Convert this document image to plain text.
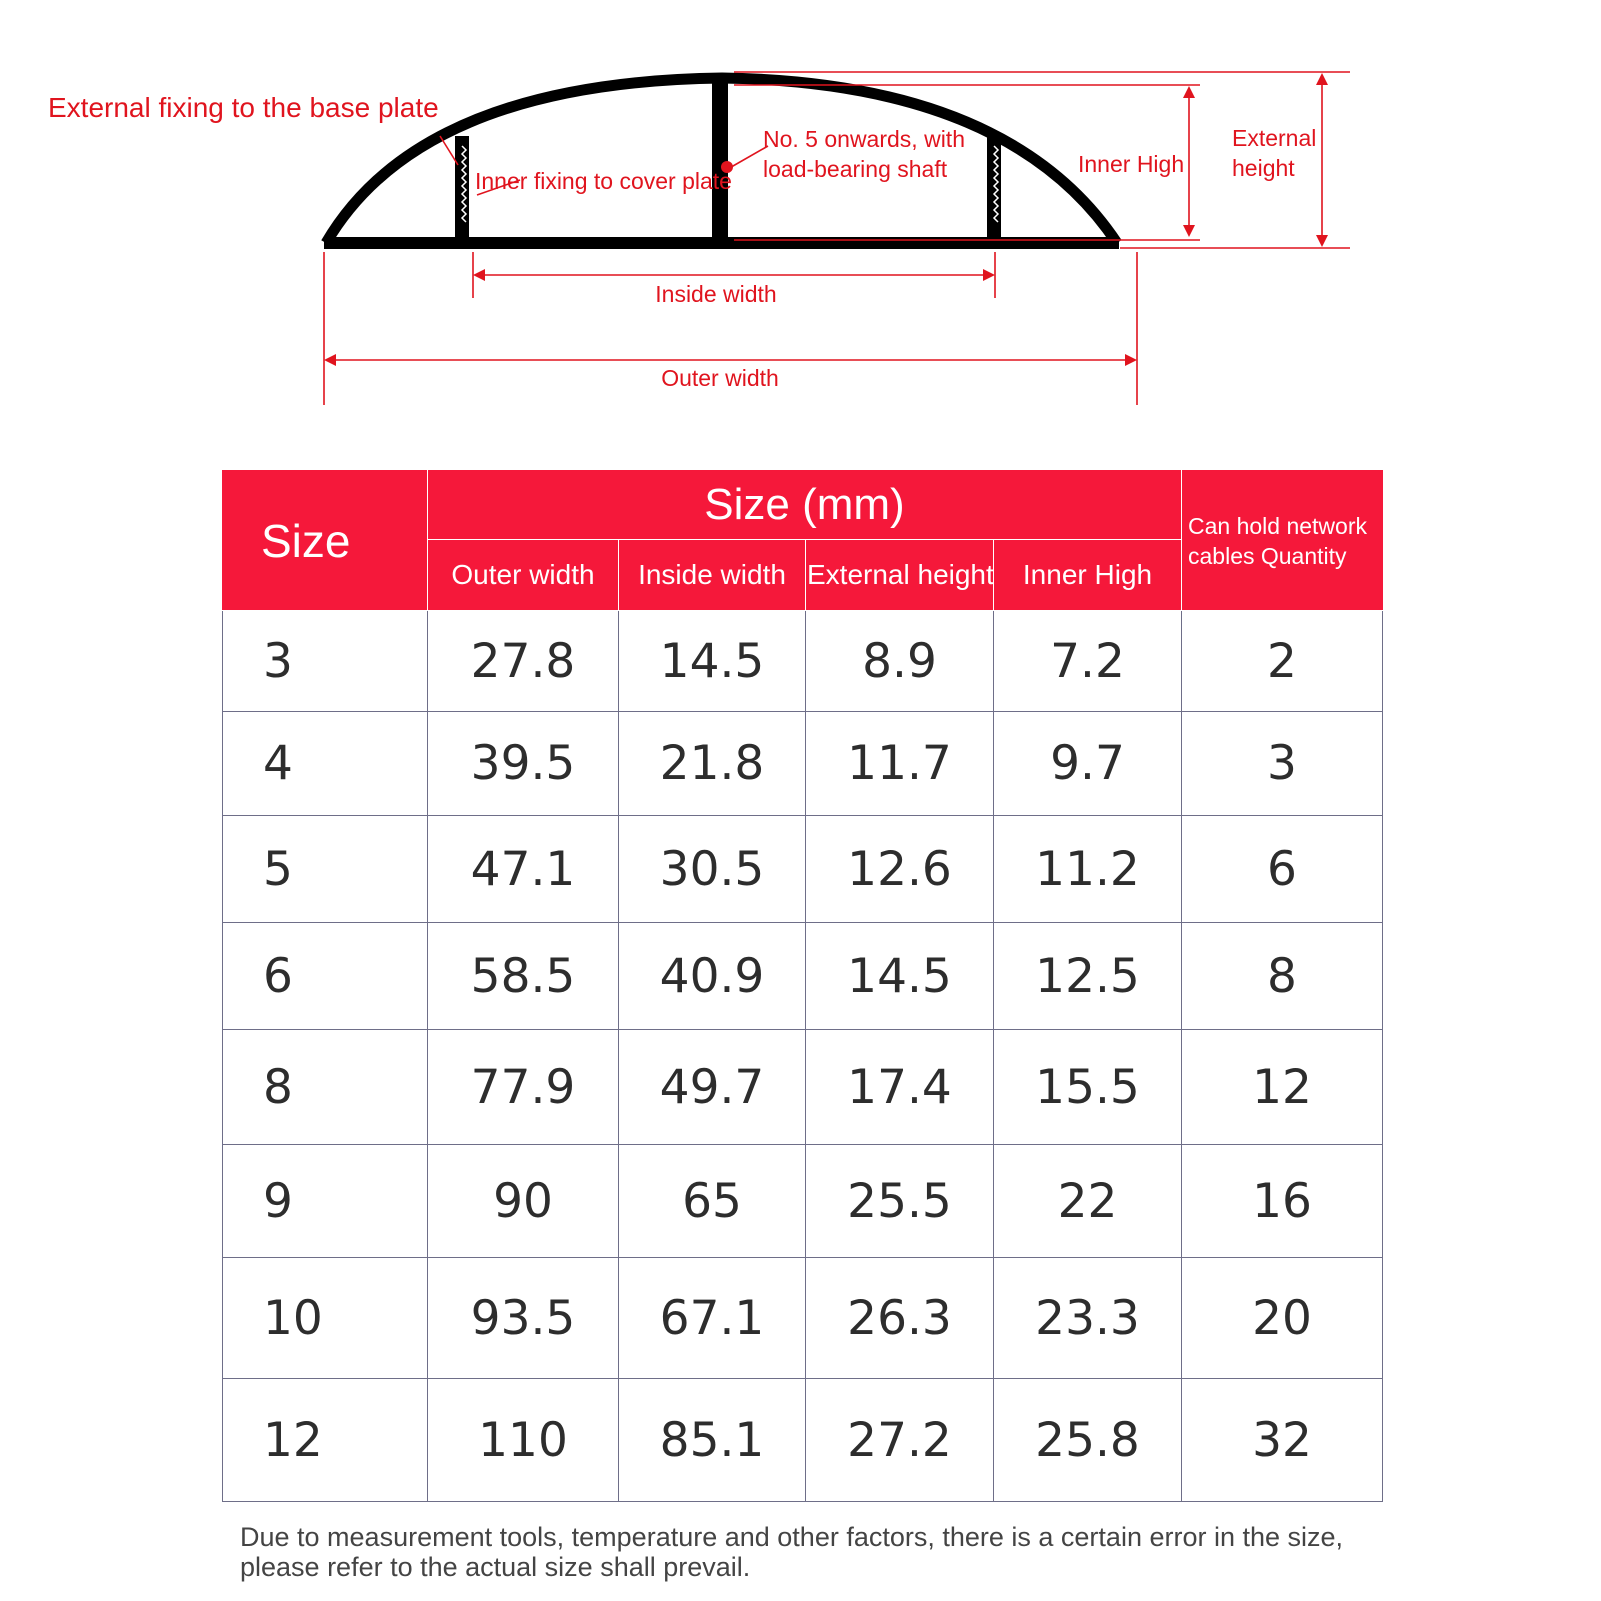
External fixing to the base plate
Inner fixing to cover plate
No. 5 onwards, with
load-bearing shaft	Inner High
External
height
Inside width
Outer width
Size	Size (mm)				Can hold network
cables Quantity
	Outer width	Inside width	External height	Inner High	
3	27.8	14.5	8.9	7.2	2
4	39.5	21.8	11.7	9.7	3
5	47.1	30.5	12.6	11.2	6
6	58.5	40.9	14.5	12.5	8
8	77.9	49.7	17.4	15.5	12
9	90	65	25.5	22	16
10	93.5	67.1	26.3	23.3	20
12	110	85.1	27.2	25.8	32
Due to measurement tools, temperature and other factors, there is a certain error in the size, please refer to the actual size shall prevail.
